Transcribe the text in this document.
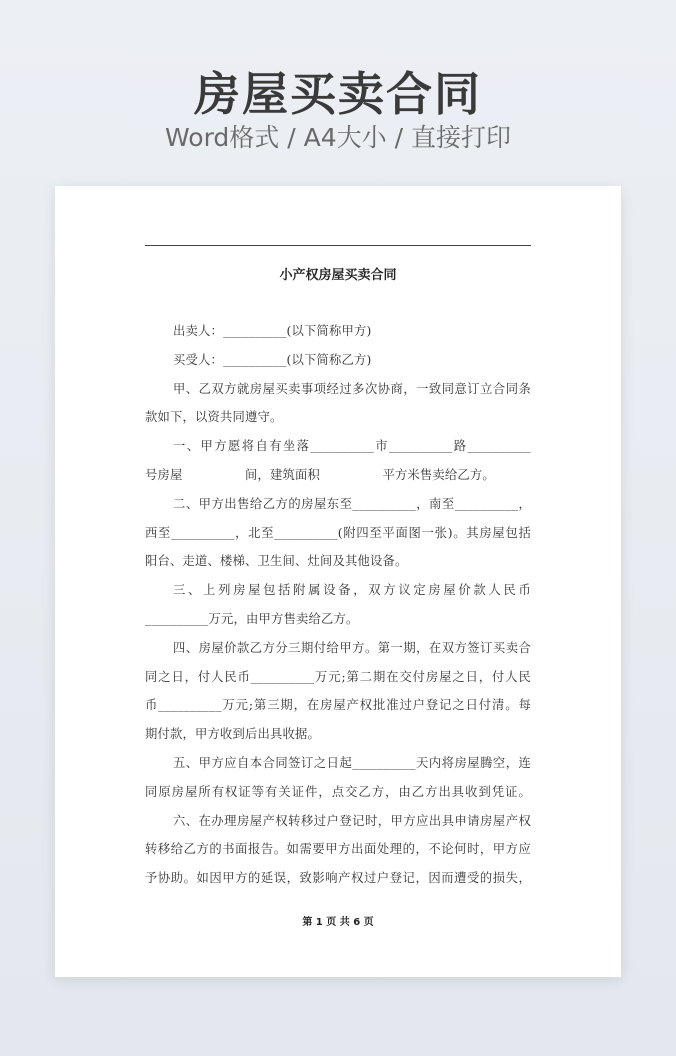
房屋买卖合同
Word格式 / A4大小 / 直接打印
小产权房屋买卖合同

出卖人：__________(以下简称甲方)

买受人：__________(以下简称乙方)

甲、乙双方就房屋买卖事项经过多次协商，一致同意订立合同条

款如下，以资共同遵守。

一、甲方愿将自有坐落__________市__________路__________

号房屋　　　　　间，建筑面积　　　　　平方米售卖给乙方。

二、甲方出售给乙方的房屋东至__________，南至__________，

西至__________，北至__________(附四至平面图一张)。其房屋包括

阳台、走道、楼梯、卫生间、灶间及其他设备。

三、上列房屋包括附属设备，双方议定房屋价款人民币

__________万元，由甲方售卖给乙方。

四、房屋价款乙方分三期付给甲方。第一期，在双方签订买卖合

同之日，付人民币__________万元;第二期在交付房屋之日，付人民

币__________万元;第三期，在房屋产权批准过户登记之日付清。每

期付款，甲方收到后出具收据。

五、甲方应自本合同签订之日起__________天内将房屋腾空，连

同原房屋所有权证等有关证件，点交乙方，由乙方出具收到凭证。

六、在办理房屋产权转移过户登记时，甲方应出具申请房屋产权

转移给乙方的书面报告。如需要甲方出面处理的，不论何时，甲方应

予协助。如因甲方的延误，致影响产权过户登记，因而遭受的损失，

第 1 页 共 6 页
